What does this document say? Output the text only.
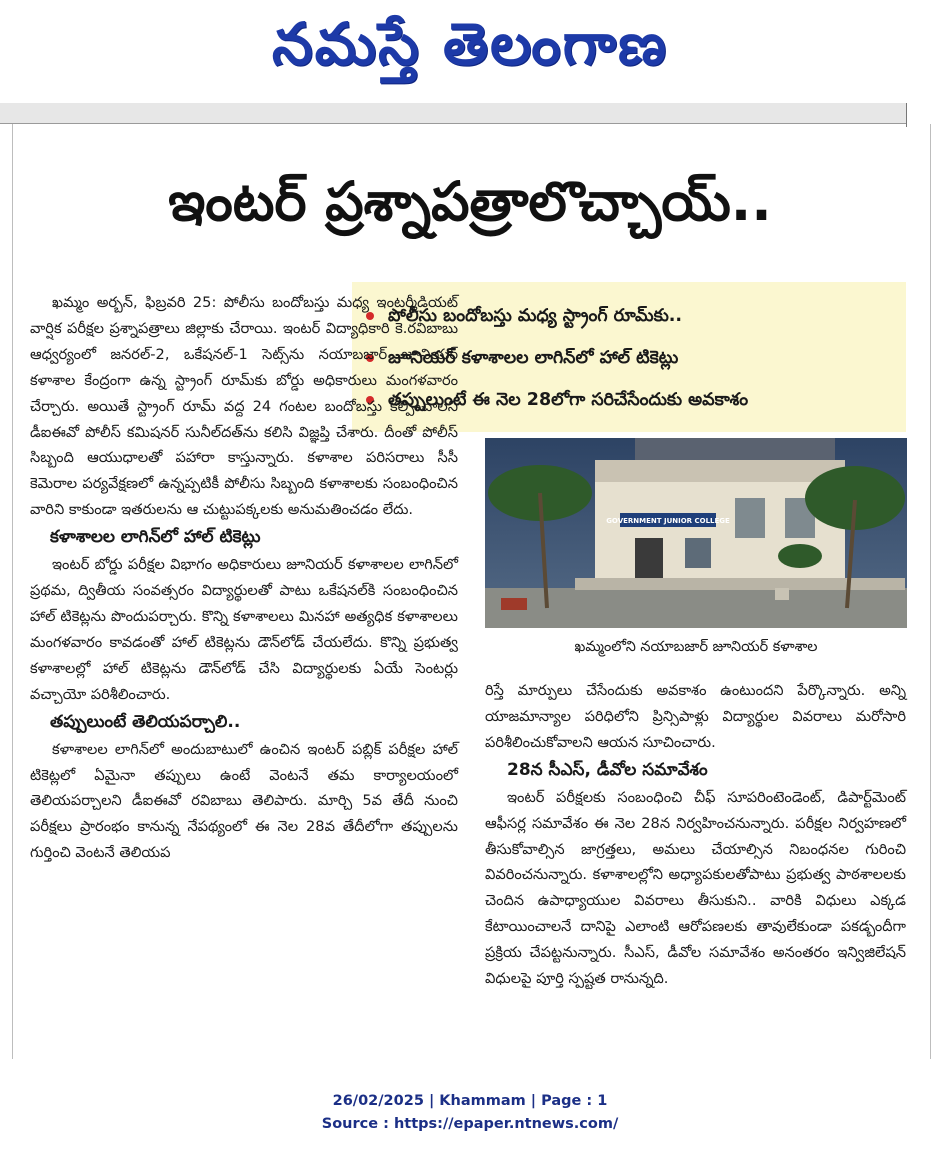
నమస్తే తెలంగాణ
ఇంటర్ ప్రశ్నాపత్రాలొచ్చాయ్..
పోలీసు బందోబస్తు మధ్య స్ట్రాంగ్ రూమ్‌కు..
జూనియర్ కళాశాలల లాగిన్‌లో హాల్ టికెట్లు
తప్పులుంటే ఈ నెల 28లోగా సరిచేసేందుకు అవకాశం

ఖమ్మం అర్బన్, ఫిబ్రవరి 25: పోలీసు బందోబస్తు మధ్య ఇంటర్మీడియట్ వార్షిక పరీక్షల ప్రశ్నాపత్రాలు జిల్లాకు చేరాయి. ఇంటర్ విద్యాధికారి కె.రవిబాబు ఆధ్వర్యంలో జనరల్-2, ఒకేషనల్-1 సెట్స్‌ను నయాబజార్ జూనియర్ కళాశాల కేంద్రంగా ఉన్న స్ట్రాంగ్ రూమ్‌కు బోర్డు అధికారులు మంగళవారం చేర్చారు. అయితే స్ట్రాంగ్ రూమ్ వద్ద 24 గంటల బందోబస్తు కల్పించాలని డీఐఈవో పోలీస్ కమిషనర్ సునీల్‌దత్‌ను కలిసి విజ్ఞప్తి చేశారు. దీంతో పోలీస్ సిబ్బంది ఆయుధాలతో పహారా కాస్తున్నారు. కళాశాల పరిసరాలు సీసీ కెమెరాల పర్యవేక్షణలో ఉన్నప్పటికీ పోలీసు సిబ్బంది కళాశాలకు సంబంధించిన వారిని కాకుండా ఇతరులను ఆ చుట్టుపక్కలకు అనుమతించడం లేదు.

కళాశాలల లాగిన్‌లో హాల్ టికెట్లు

ఇంటర్ బోర్డు పరీక్షల విభాగం అధికారులు జూనియర్ కళాశాలల లాగిన్‌లో ప్రథమ, ద్వితీయ సంవత్సరం విద్యార్థులతో పాటు ఒకేషనల్‌కి సంబంధించిన హాల్ టికెట్లను పొందుపర్చారు. కొన్ని కళాశాలలు మినహా అత్యధిక కళాశాలలు మంగళవారం కావడంతో హాల్ టికెట్లను డౌన్‌లోడ్ చేయలేదు. కొన్ని ప్రభుత్వ కళాశాలల్లో హాల్ టికెట్లను డౌన్‌లోడ్ చేసి విద్యార్థులకు ఏయే సెంటర్లు వచ్చాయో పరిశీలించారు.

తప్పులుంటే తెలియపర్చాలి..

కళాశాలల లాగిన్‌లో అందుబాటులో ఉంచిన ఇంటర్ పబ్లిక్ పరీక్షల హాల్ టికెట్లలో ఏమైనా తప్పులు ఉంటే వెంటనే తమ కార్యాలయంలో తెలియపర్చాలని డీఐఈవో రవిబాబు తెలిపారు. మార్చి 5వ తేదీ నుంచి పరీక్షలు ప్రారంభం కానున్న నేపథ్యంలో ఈ నెల 28వ తేదీలోగా తప్పులను గుర్తించి వెంటనే తెలియప

GOVERNMENT JUNIOR COLLEGE
ఖమ్మంలోని నయాబజార్ జూనియర్ కళాశాల

రిస్తే మార్పులు చేసేందుకు అవకాశం ఉంటుందని పేర్కొన్నారు. అన్ని యాజమాన్యాల పరిధిలోని ప్రిన్సిపాళ్లు విద్యార్థుల వివరాలు మరోసారి పరిశీలించుకోవాలని ఆయన సూచించారు.

28న సీఎస్, డీవోల సమావేశం

ఇంటర్ పరీక్షలకు సంబంధించి చీఫ్ సూపరింటెండెంట్, డిపార్ట్‌మెంట్ ఆఫీసర్ల సమావేశం ఈ నెల 28న నిర్వహించనున్నారు. పరీక్షల నిర్వహణలో తీసుకోవాల్సిన జాగ్రత్తలు, అమలు చేయాల్సిన నిబంధనల గురించి వివరించనున్నారు. కళాశాలల్లోని అధ్యాపకులతోపాటు ప్రభుత్వ పాఠశాలలకు చెందిన ఉపాధ్యాయుల వివరాలు తీసుకుని.. వారికి విధులు ఎక్కడ కేటాయించాలనే దానిపై ఎలాంటి ఆరోపణలకు తావులేకుండా పకడ్బందీగా ప్రక్రియ చేపట్టనున్నారు. సీఎస్, డీవోల సమావేశం అనంతరం ఇన్విజిలేషన్ విధులపై పూర్తి స్పష్టత రానున్నది.

26/02/2025 | Khammam | Page : 1
Source : https://epaper.ntnews.com/
